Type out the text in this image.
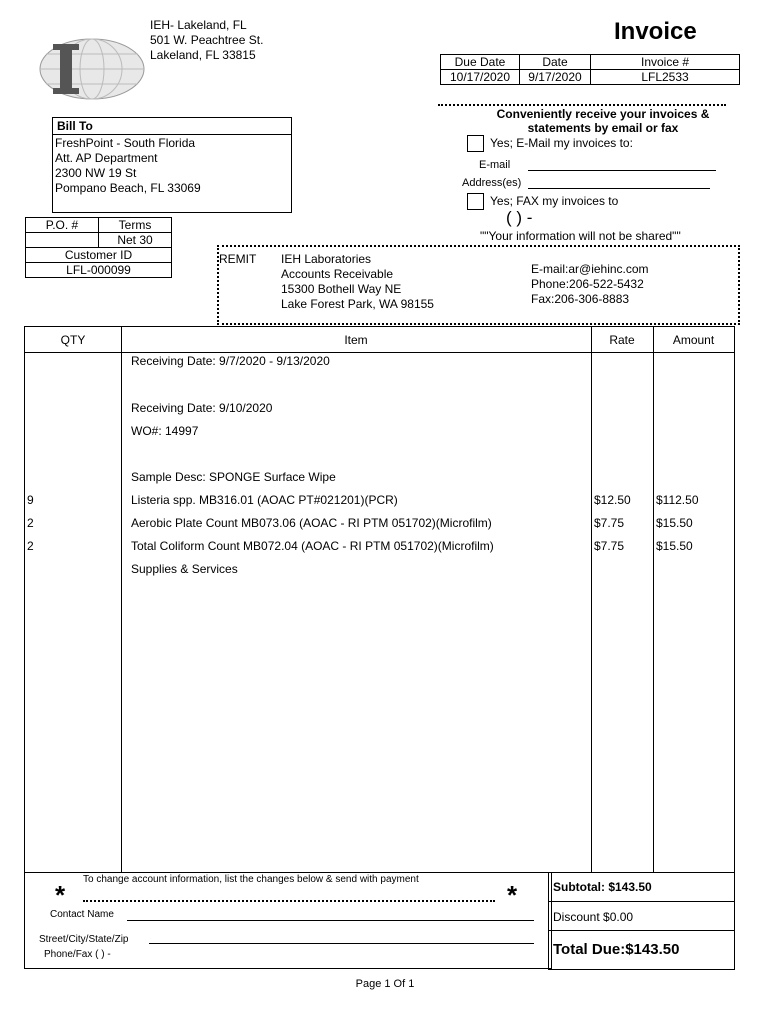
IEH- Lakeland, FL
501 W. Peachtree St.
Lakeland, FL 33815
Invoice
Due Date	Date	Invoice #
10/17/2020	9/17/2020	LFL2533
Bill To
FreshPoint - South Florida
Att. AP Department
2300 NW 19 St
Pompano Beach, FL 33069
P.O. #	Terms
	Net 30
Customer ID	
LFL-000099	
Conveniently receive your invoices & statements by email or fax
Yes; E-Mail my invoices to:
E-mail
Address(es)
Yes; FAX my invoices to
( ) -
""Your information will not be shared""
REMIT IEH Laboratories
Accounts Receivable
15300 Bothell Way NE
Lake Forest Park, WA 98155
E-mail:ar@iehinc.com
Phone:206-522-5432
Fax:206-306-8883
QTY	Item	Rate	Amount
Receiving Date: 9/7/2020 - 9/13/2020
Receiving Date: 9/10/2020
WO#: 14997
Sample Desc: SPONGE Surface Wipe
9	Listeria spp. MB316.01 (AOAC PT#021201)(PCR)	$12.50 $112.50
2	Aerobic Plate Count MB073.06 (AOAC - RI PTM 051702)(Microfilm)	$7.75	$15.50
2	Total Coliform Count MB072.04 (AOAC - RI PTM 051702)(Microfilm)	$7.75	$15.50
Supplies & Services
To change account information, list the changes below & send with payment
*	*
Contact Name
Street/City/State/Zip
Phone/Fax ( ) -
Subtotal: $143.50
Discount $0.00
Total Due:$143.50
Page 1 Of 1
